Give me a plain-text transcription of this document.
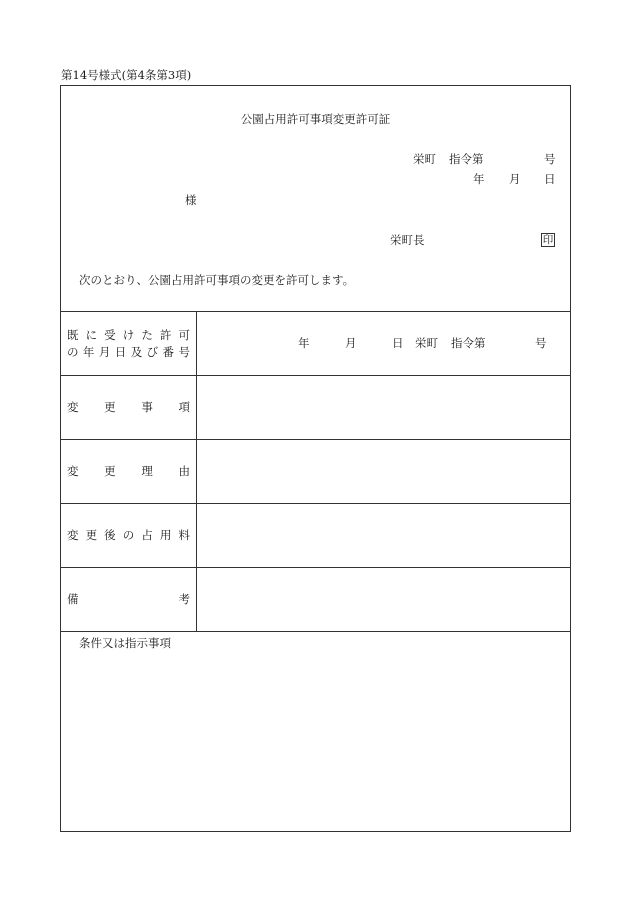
第14号様式(第4条第3項)
公園占用許可事項変更許可証
栄町 指令第	号
年 月 日
様
栄町長	印
次のとおり、公園占用許可事項の変更を許可します。
既 に 受 け た 許 可
の 年 月 日 及 び 番 号
年	月	日 栄町 指令第	号
変 更 事 項
変 更 理 由
変 更 後 の 占 用 料
備	考
条件又は指示事項
